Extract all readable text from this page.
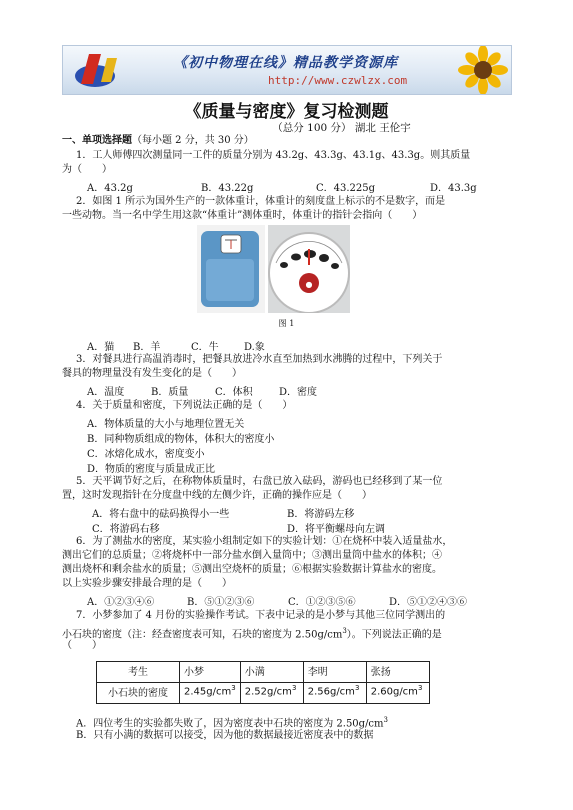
《初中物理在线》精品教学资源库
http://www.czwlzx.com
《质量与密度》复习检测题
（总分 100 分） 湖北 王伦宇
一、单项选择题（每小题 2 分，共 30 分）
1．工人师傅四次测量同一工件的质量分别为 43.2g、43.3g、43.1g、43.3g。则其质量
为（　　）
A．43.2g	B．43.22g	C．43.225g	D．43.3g
2．如图 1 所示为国外生产的一款体重计，体重计的刻度盘上标示的不是数字，而是
一些动物。当一名中学生用这款“体重计”测体重时，体重计的指针会指向（　　）
●
图 1
A．猫 B．羊	C．牛	D.象
3．对餐具进行高温消毒时，把餐具放进冷水直至加热到水沸腾的过程中，下列关于
餐具的物理量没有发生变化的是（　　）
A．温度	B．质量	C．体积	D．密度
4．关于质量和密度，下列说法正确的是（　　）
A．物体质量的大小与地理位置无关
B．同种物质组成的物体，体积大的密度小
C．冰熔化成水，密度变小
D．物质的密度与质量成正比
5．天平调节好之后，在称物体质量时，右盘已放入砝码，游码也已经移到了某一位
置，这时发现指针在分度盘中线的左侧少许，正确的操作应是（　　）
A．将右盘中的砝码换得小一些	B．将游码左移
C．将游码右移	D．将平衡螺母向左调
6．为了测盐水的密度，某实验小组制定如下的实验计划：①在烧杯中装入适量盐水，
测出它们的总质量；②将烧杯中一部分盐水倒入量筒中；③测出量筒中盐水的体积；④
测出烧杯和剩余盐水的质量；⑤测出空烧杯的质量；⑥根据实验数据计算盐水的密度。
以上实验步骤安排最合理的是（　　）
A．①②③④⑥	B．⑤①②③⑥	C．①②③⑤⑥	D．⑤①②④③⑥
7．小梦参加了 4 月份的实验操作考试。下表中记录的是小梦与其他三位同学测出的
小石块的密度（注：经查密度表可知，石块的密度为 $2.50g/cm^3$）。下列说法正确的是
（　　）
考生	小梦	小满	李明	张扬
小石块的密度	$2.45g/cm^3$	$2.52g/cm^3$	$2.56g/cm^3$	$2.60g/cm^3$
A．四位考生的实验都失败了，因为密度表中石块的密度为 $2.50g/cm^3$
B．只有小满的数据可以接受，因为他的数据最接近密度表中的数据
